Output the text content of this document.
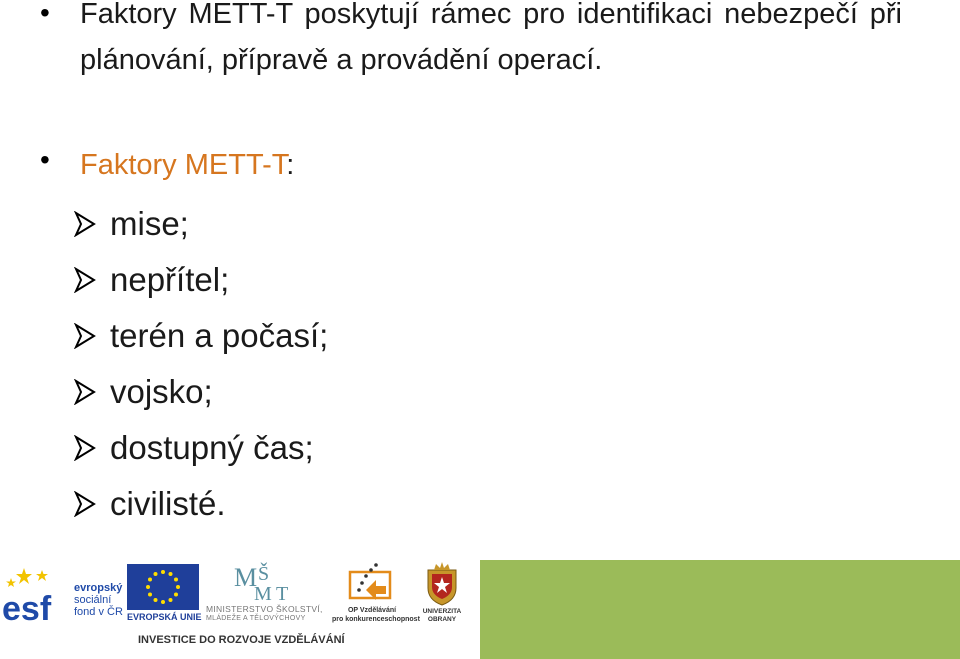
• Faktory METT-T poskytují rámec pro identifikaci nebezpečí při plánování, přípravě a provádění operací.
• Faktory METT-T:
mise;
nepřítel;
terén a počasí;
vojsko;
dostupný čas;
civilisté.
esf
evropský
sociální
fond v ČR EVROPSKÁ UNIE
M Š
M T
MINISTERSTVO ŠKOLSTVÍ,
MLÁDEŽE A TĚLOVÝCHOVY
OP Vzdělávání
pro konkurenceschopnost
UNIVERZITA
OBRANY
INVESTICE DO ROZVOJE VZDĚLÁVÁNÍ
